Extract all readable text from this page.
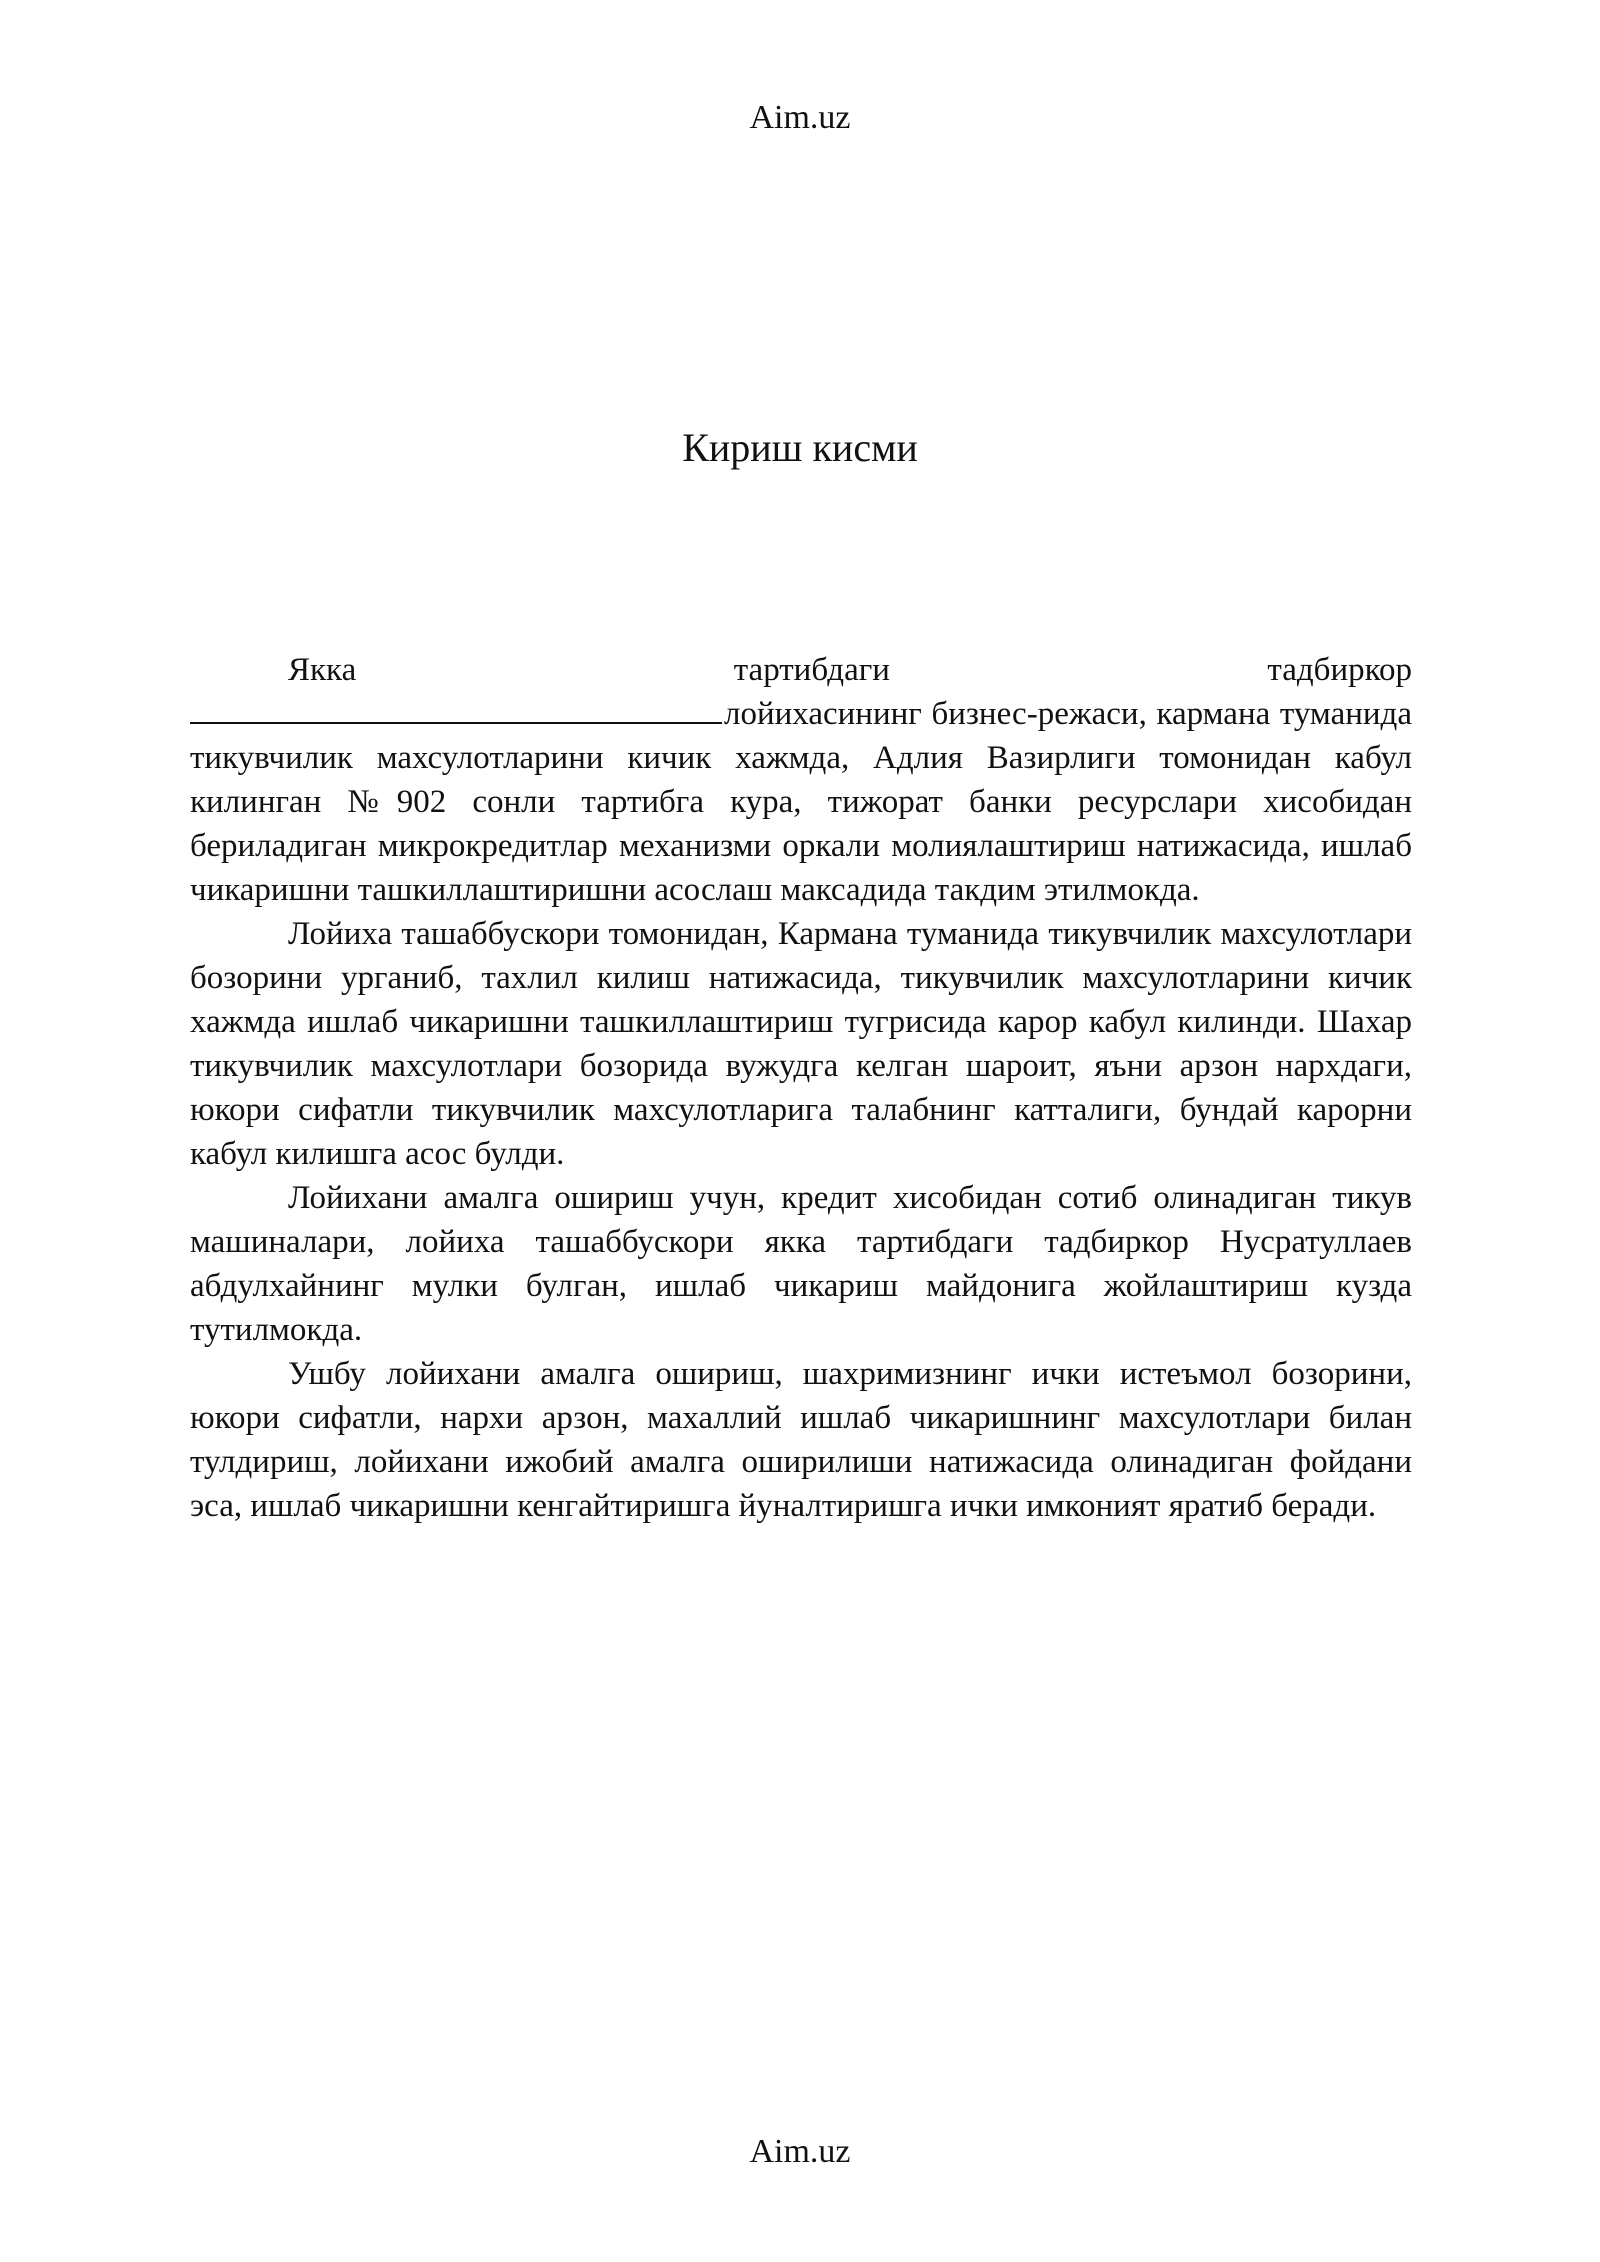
Aim.uz
Кириш кисми
Якка	тартибдаги	тадбиркор

лойихасининг бизнес-режаси, кармана туманида тикувчилик махсулотларини кичик хажмда, Адлия Вазирлиги томонидан кабул килинган №902 сонли тартибга кура, тижорат банки ресурслари хисобидан бериладиган микрокредитлар механизми оркали молиялаштириш натижасида, ишлаб чикаришни ташкиллаштиришни асослаш максадида такдим этилмокда.

Лойиха ташаббускори томонидан, Кармана туманида тикувчилик махсулотлари бозорини урганиб, тахлил килиш натижасида, тикувчилик махсулотларини кичик хажмда ишлаб чикаришни ташкиллаштириш тугрисида карор кабул килинди. Шахар тикувчилик махсулотлари бозорида вужудга келган шароит, яъни арзон нархдаги, юкори сифатли тикувчилик махсулотларига талабнинг катталиги, бундай карорни кабул килишга асос булди.

Лойихани амалга ошириш учун, кредит хисобидан сотиб олинадиган тикув машиналари, лойиха ташаббускори якка тартибдаги тадбиркор Нусратуллаев абдулхайнинг мулки булган, ишлаб чикариш майдонига жойлаштириш кузда тутилмокда.

Ушбу лойихани амалга ошириш, шахримизнинг ички истеъмол бозорини, юкори сифатли, нархи арзон, махаллий ишлаб чикаришнинг махсулотлари билан тулдириш, лойихани ижобий амалга оширилиши натижасида олинадиган фойдани эса, ишлаб чикаришни кенгайтиришга йуналтиришга ички имконият яратиб беради.

Aim.uz
